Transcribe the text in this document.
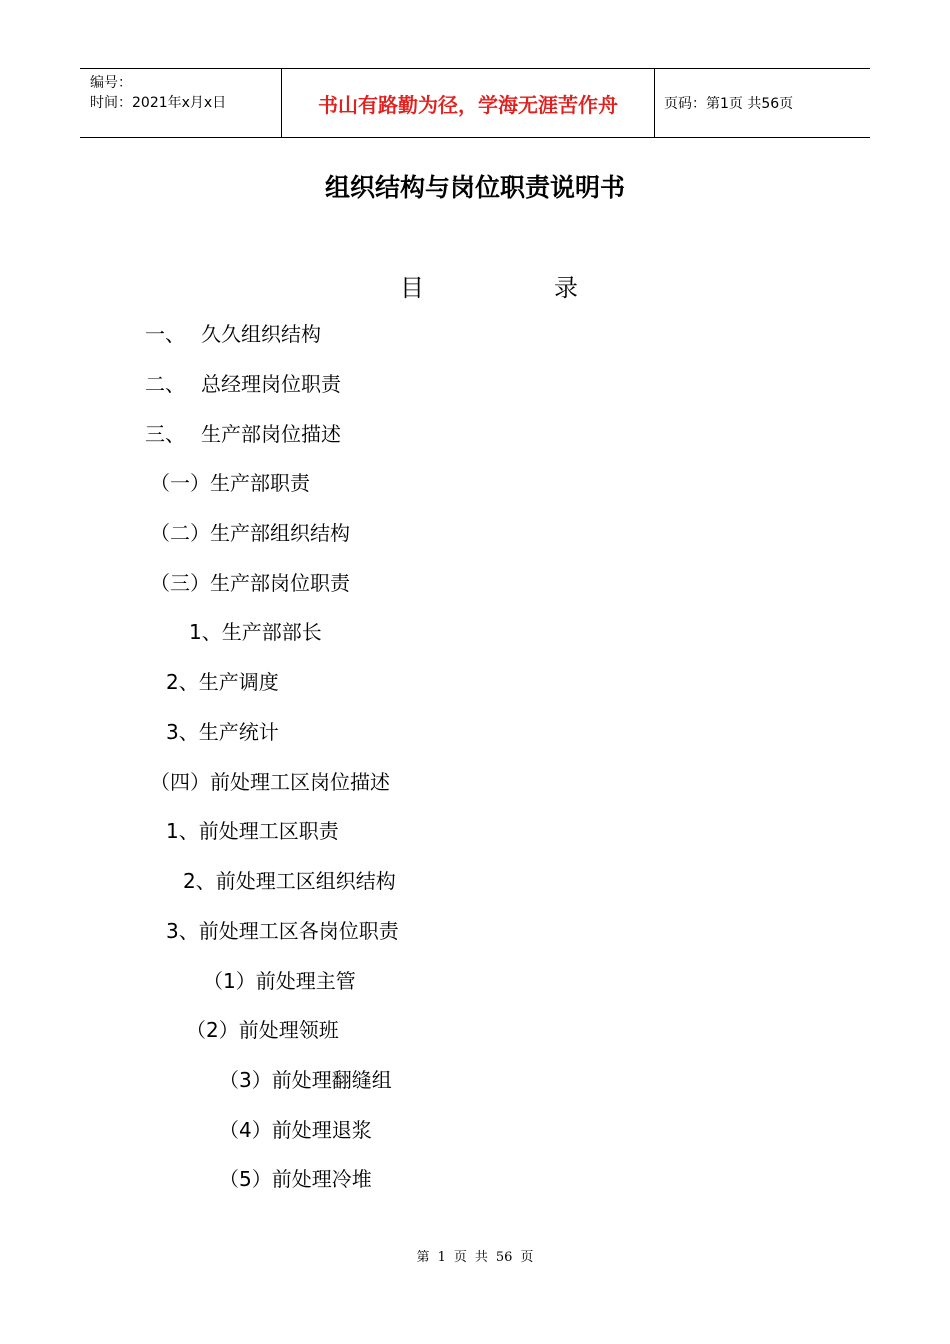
编号：
时间：2021年x月x日	书山有路勤为径，学海无涯苦作舟	页码：第1页 共56页
组织结构与岗位职责说明书
目	录
一、 久久组织结构
二、 总经理岗位职责
三、 生产部岗位描述
（一）生产部职责
（二）生产部组织结构
（三）生产部岗位职责
1、生产部部长
2、生产调度
3、生产统计
（四）前处理工区岗位描述
1、前处理工区职责
2、前处理工区组织结构
3、前处理工区各岗位职责
（1）前处理主管
（2）前处理领班
（3）前处理翻缝组
（4）前处理退浆
（5）前处理冷堆
第 1 页 共 56 页
